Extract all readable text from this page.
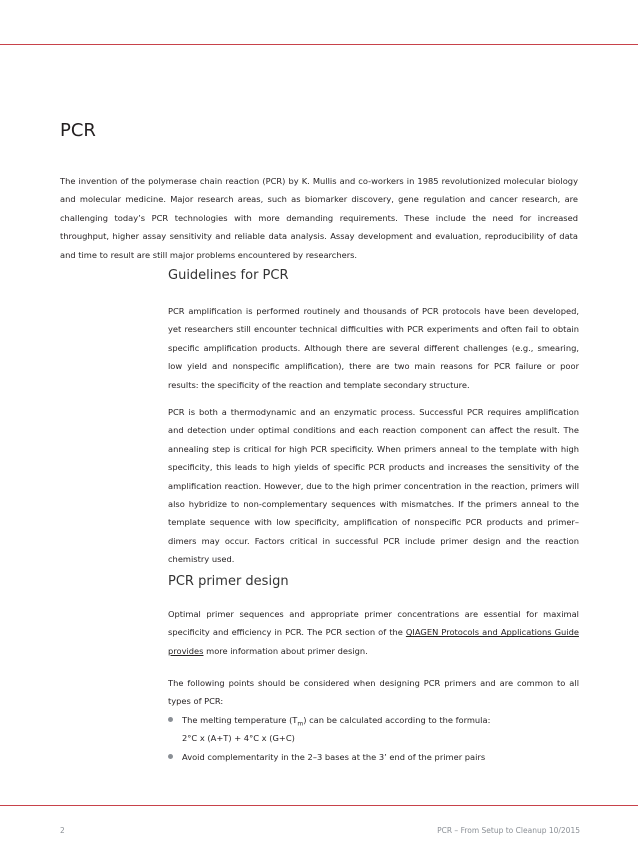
PCR

The invention of the polymerase chain reaction (PCR) by K. Mullis and co-workers in 1985 revolutionized molecular biology and molecular medicine. Major research areas, such as biomarker discovery, gene regulation and cancer research, are challenging today’s PCR technologies with more demanding requirements. These include the need for increased throughput, higher assay sensitivity and reliable data analysis. Assay development and evaluation, reproducibility of data and time to result are still major problems encountered by researchers.

Guidelines for PCR

PCR amplification is performed routinely and thousands of PCR protocols have been developed, yet researchers still encounter technical difficulties with PCR experiments and often fail to obtain specific amplification products. Although there are several different challenges (e.g., smearing, low yield and nonspecific amplification), there are two main reasons for PCR failure or poor results: the specificity of the reaction and template secondary structure.

PCR is both a thermodynamic and an enzymatic process. Successful PCR requires amplification and detection under optimal conditions and each reaction component can affect the result. The annealing step is critical for high PCR specificity. When primers anneal to the template with high specificity, this leads to high yields of specific PCR products and increases the sensitivity of the amplification reaction. However, due to the high primer concentration in the reaction, primers will also hybridize to non-complementary sequences with mismatches. If the primers anneal to the template sequence with low specificity, amplification of nonspecific PCR products and primer–dimers may occur. Factors critical in successful PCR include primer design and the reaction chemistry used.

PCR primer design

Optimal primer sequences and appropriate primer concentrations are essential for maximal specificity and efficiency in PCR. The PCR section of the QIAGEN Protocols and Applications Guide provides more information about primer design.

The following points should be considered when designing PCR primers and are common to all types of PCR:

The melting temperature $(T_m)$ can be calculated according to the formula:
2°C x (A+T) + 4°C x (G+C)
Avoid complementarity in the 2–3 bases at the 3’ end of the primer pairs
2	PCR – From Setup to Cleanup 10/2015
